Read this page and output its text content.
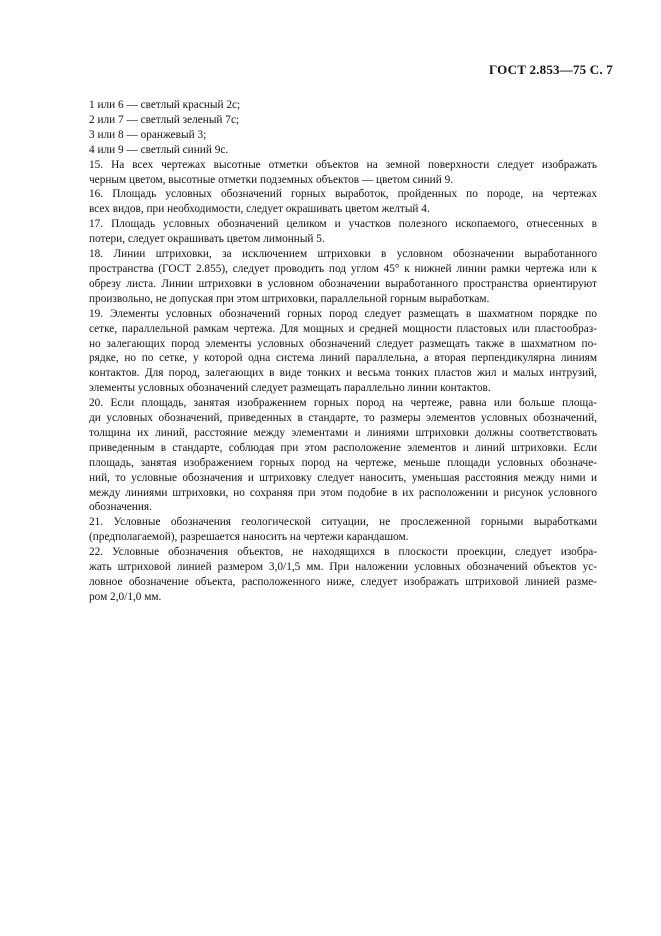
ГОСТ 2.853—75 С. 7
1 или 6 — светлый красный 2с;
2 или 7 — светлый зеленый 7с;
3 или 8 — оранжевый 3;
4 или 9 — светлый синий 9с.
15. На всех чертежах высотные отметки объектов на земной поверхности следует изображать
черным цветом, высотные отметки подземных объектов — цветом синий 9.
16. Площадь условных обозначений горных выработок, пройденных по породе, на чертежах
всех видов, при необходимости, следует окрашивать цветом желтый 4.
17. Площадь условных обозначений целиком и участков полезного ископаемого, отнесенных в
потери, следует окрашивать цветом лимонный 5.
18. Линии штриховки, за исключением штриховки в условном обозначении выработанного
пространства (ГОСТ 2.855), следует проводить под углом 45° к нижней линии рамки чертежа или к
обрезу листа. Линии штриховки в условном обозначении выработанного пространства ориентируют
произвольно, не допуская при этом штриховки, параллельной горным выработкам.
19. Элементы условных обозначений горных пород следует размещать в шахматном порядке по
сетке, параллельной рамкам чертежа. Для мощных и средней мощности пластовых или пластообраз-
но залегающих пород элементы условных обозначений следует размещать также в шахматном по-
рядке, но по сетке, у которой одна система линий параллельна, а вторая перпендикулярна линиям
контактов. Для пород, залегающих в виде тонких и весьма тонких пластов жил и малых интрузий,
элементы условных обозначений следует размещать параллельно линии контактов.
20. Если площадь, занятая изображением горных пород на чертеже, равна или больше площа-
ди условных обозначений, приведенных в стандарте, то размеры элементов условных обозначений,
толщина их линий, расстояние между элементами и линиями штриховки должны соответствовать
приведенным в стандарте, соблюдая при этом расположение элементов и линий штриховки. Если
площадь, занятая изображением горных пород на чертеже, меньше площади условных обозначе-
ний, то условные обозначения и штриховку следует наносить, уменьшая расстояния между ними и
между линиями штриховки, но сохраняя при этом подобие в их расположении и рисунок условного
обозначения.
21. Условные обозначения геологической ситуации, не прослеженной горными выработками
(предполагаемой), разрешается наносить на чертежи карандашом.
22. Условные обозначения объектов, не находящихся в плоскости проекции, следует изобра-
жать штриховой линией размером 3,0/1,5 мм. При наложении условных обозначений объектов ус-
ловное обозначение объекта, расположенного ниже, следует изображать штриховой линией разме-
ром 2,0/1,0 мм.
